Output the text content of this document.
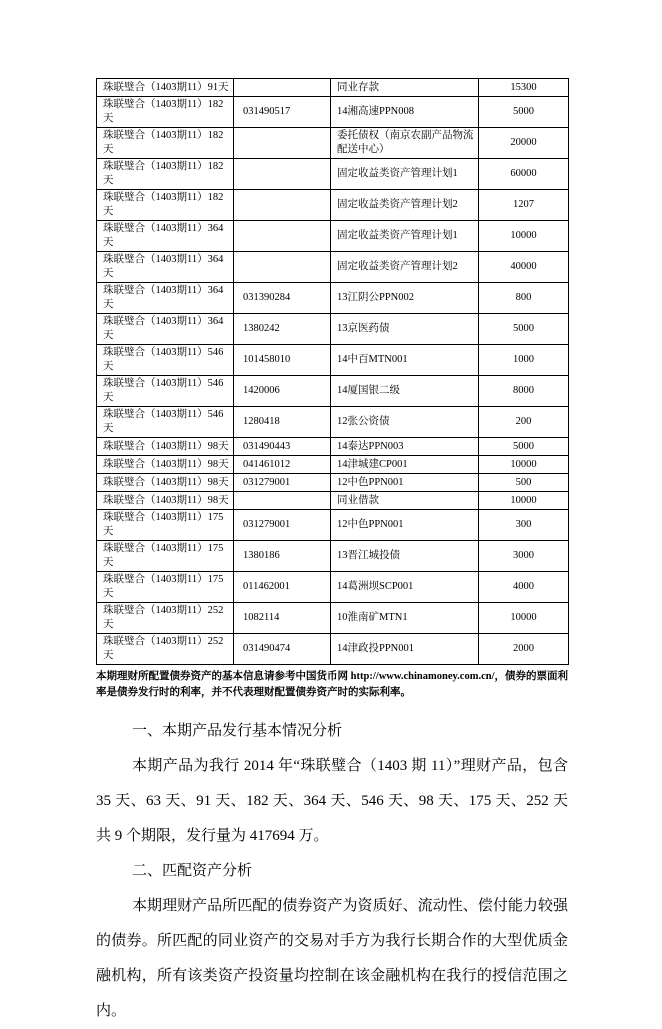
珠联璧合（1403期11）91天		同业存款	15300
珠联璧合（1403期11）182天	031490517	14湘高速PPN008	5000
珠联璧合（1403期11）182天		委托债权（南京农副产品物流配送中心）	20000
珠联璧合（1403期11）182天		固定收益类资产管理计划1	60000
珠联璧合（1403期11）182天		固定收益类资产管理计划2	1207
珠联璧合（1403期11）364天		固定收益类资产管理计划1	10000
珠联璧合（1403期11）364天		固定收益类资产管理计划2	40000
珠联璧合（1403期11）364天	031390284	13江阴公PPN002	800
珠联璧合（1403期11）364天	1380242	13京医药债	5000
珠联璧合（1403期11）546天	101458010	14中百MTN001	1000
珠联璧合（1403期11）546天	1420006	14厦国银二级	8000
珠联璧合（1403期11）546天	1280418	12张公资债	200
珠联璧合（1403期11）98天	031490443	14泰达PPN003	5000
珠联璧合（1403期11）98天	041461012	14津城建CP001	10000
珠联璧合（1403期11）98天	031279001	12中色PPN001	500
珠联璧合（1403期11）98天		同业借款	10000
珠联璧合（1403期11）175天	031279001	12中色PPN001	300
珠联璧合（1403期11）175天	1380186	13晋江城投债	3000
珠联璧合（1403期11）175天	011462001	14葛洲坝SCP001	4000
珠联璧合（1403期11）252天	1082114	10淮南矿MTN1	10000
珠联璧合（1403期11）252天	031490474	14津政投PPN001	2000

本期理财所配置债券资产的基本信息请参考中国货币网 http://www.chinamoney.com.cn/，债券的票面利率是债券发行时的利率，并不代表理财配置债券资产时的实际利率。

一、本期产品发行基本情况分析

本期产品为我行 2014 年“珠联璧合（1403 期 11）”理财产品，包含 35 天、63 天、91 天、182 天、364 天、546 天、98 天、175 天、252 天共 9 个期限，发行量为 417694 万。

二、匹配资产分析

本期理财产品所匹配的债券资产为资质好、流动性、偿付能力较强的债券。所匹配的同业资产的交易对手方为我行长期合作的大型优质金融机构，所有该类资产投资量均控制在该金融机构在我行的授信范围之内。
